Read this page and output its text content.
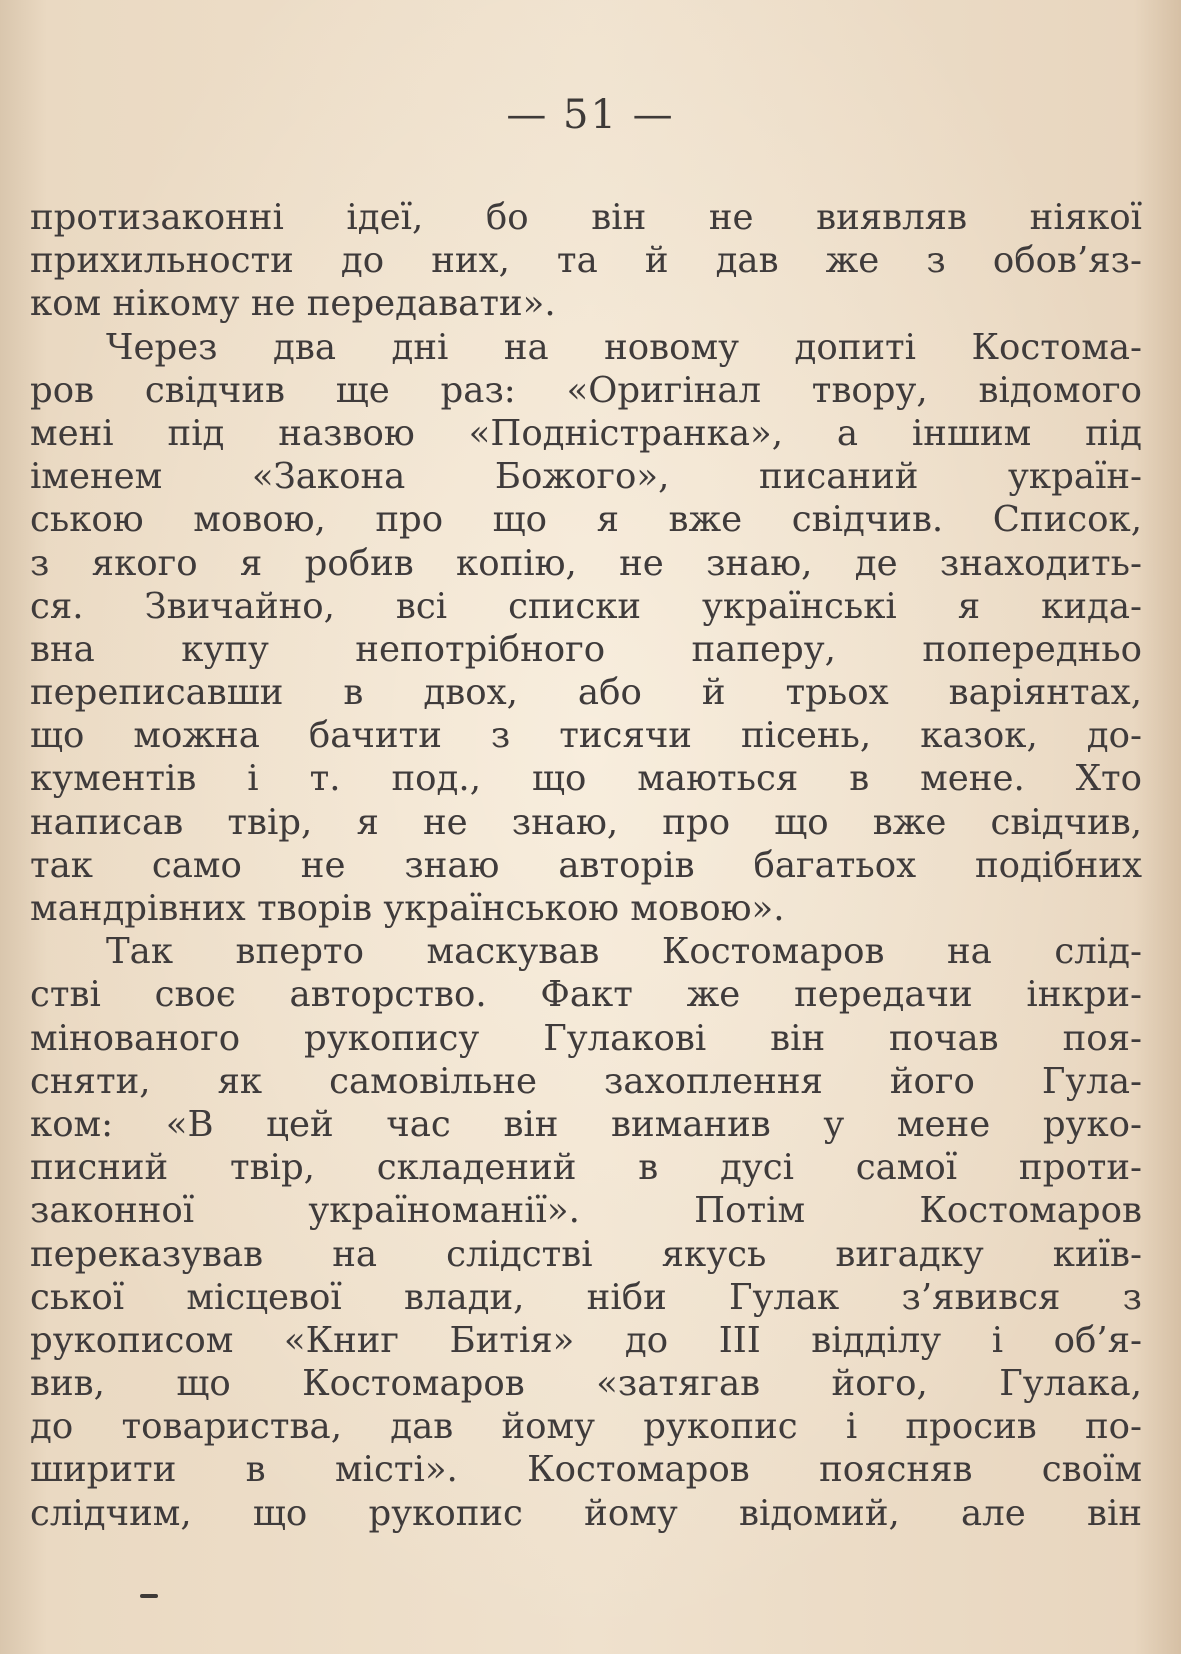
— 51 —
протизаконні ідеї, бо він не виявляв ніякої
прихильности до них, та й дав же з обов’яз-
ком нікому не передавати».
Через два дні на новому допиті Костома-
ров свідчив ще раз: «Оригінал твору, відомого
мені під назвою «Подністранка», а іншим під
іменем «Закона Божого», писаний україн-
ською мовою, про що я вже свідчив. Список,
з якого я робив копію, не знаю, де знаходить-
ся. Звичайно, всі списки українські я кида-
вна купу непотрібного паперу, попередньо
переписавши в двох, або й трьох варіянтах,
що можна бачити з тисячи пісень, казок, до-
кументів і т. под., що маються в мене. Хто
написав твір, я не знаю, про що вже свідчив,
так само не знаю авторів багатьох подібних
мандрівних творів українською мовою».
Так вперто маскував Костомаров на слід-
стві своє авторство. Факт же передачи інкри-
мінованого рукопису Гулакові він почав поя-
сняти, як самовільне захоплення його Гула-
ком: «В цей час він виманив у мене руко-
писний твір, складений в дусі самої проти-
законної україноманії». Потім Костомаров
переказував на слідстві якусь вигадку київ-
ської місцевої влади, ніби Гулак з’явився з
рукописом «Книг Битія» до III відділу і об’я-
вив, що Костомаров «затягав його, Гулака,
до товариства, дав йому рукопис і просив по-
ширити в місті». Костомаров поясняв своїм
слідчим, що рукопис йому відомий, але він
